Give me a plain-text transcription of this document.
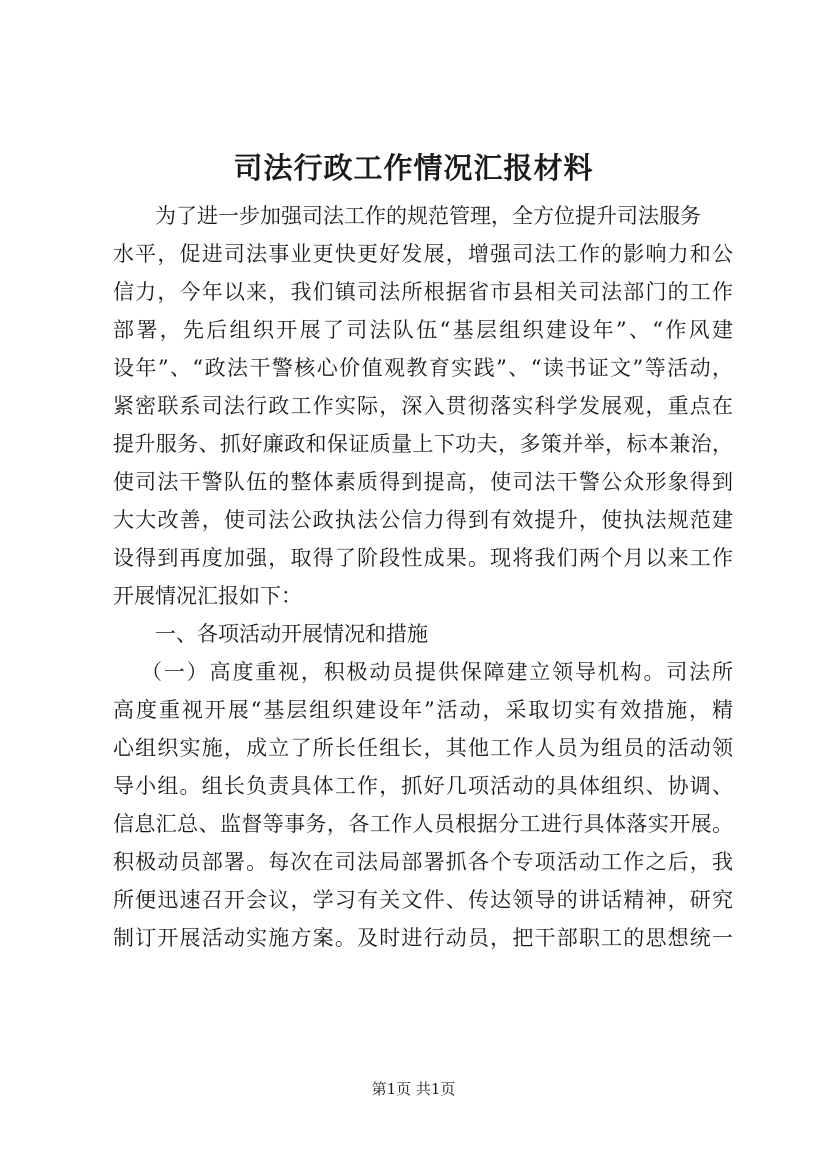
司法行政工作情况汇报材料
为了进一步加强司法工作的规范管理，全方位提升司法服务
水平，促进司法事业更快更好发展，增强司法工作的影响力和公
信力，今年以来，我们镇司法所根据省市县相关司法部门的工作
部署，先后组织开展了司法队伍“基层组织建设年”、“作风建
设年”、“政法干警核心价值观教育实践”、“读书证文”等活动，
紧密联系司法行政工作实际，深入贯彻落实科学发展观，重点在
提升服务、抓好廉政和保证质量上下功夫，多策并举，标本兼治，
使司法干警队伍的整体素质得到提高，使司法干警公众形象得到
大大改善，使司法公政执法公信力得到有效提升，使执法规范建
设得到再度加强，取得了阶段性成果。现将我们两个月以来工作
开展情况汇报如下：
一、各项活动开展情况和措施
（一）高度重视，积极动员提供保障建立领导机构。司法所
高度重视开展“基层组织建设年”活动，采取切实有效措施，精
心组织实施，成立了所长任组长，其他工作人员为组员的活动领
导小组。组长负责具体工作，抓好几项活动的具体组织、协调、
信息汇总、监督等事务，各工作人员根据分工进行具体落实开展。
积极动员部署。每次在司法局部署抓各个专项活动工作之后，我
所便迅速召开会议，学习有关文件、传达领导的讲话精神，研究
制订开展活动实施方案。及时进行动员，把干部职工的思想统一
第1页 共1页
